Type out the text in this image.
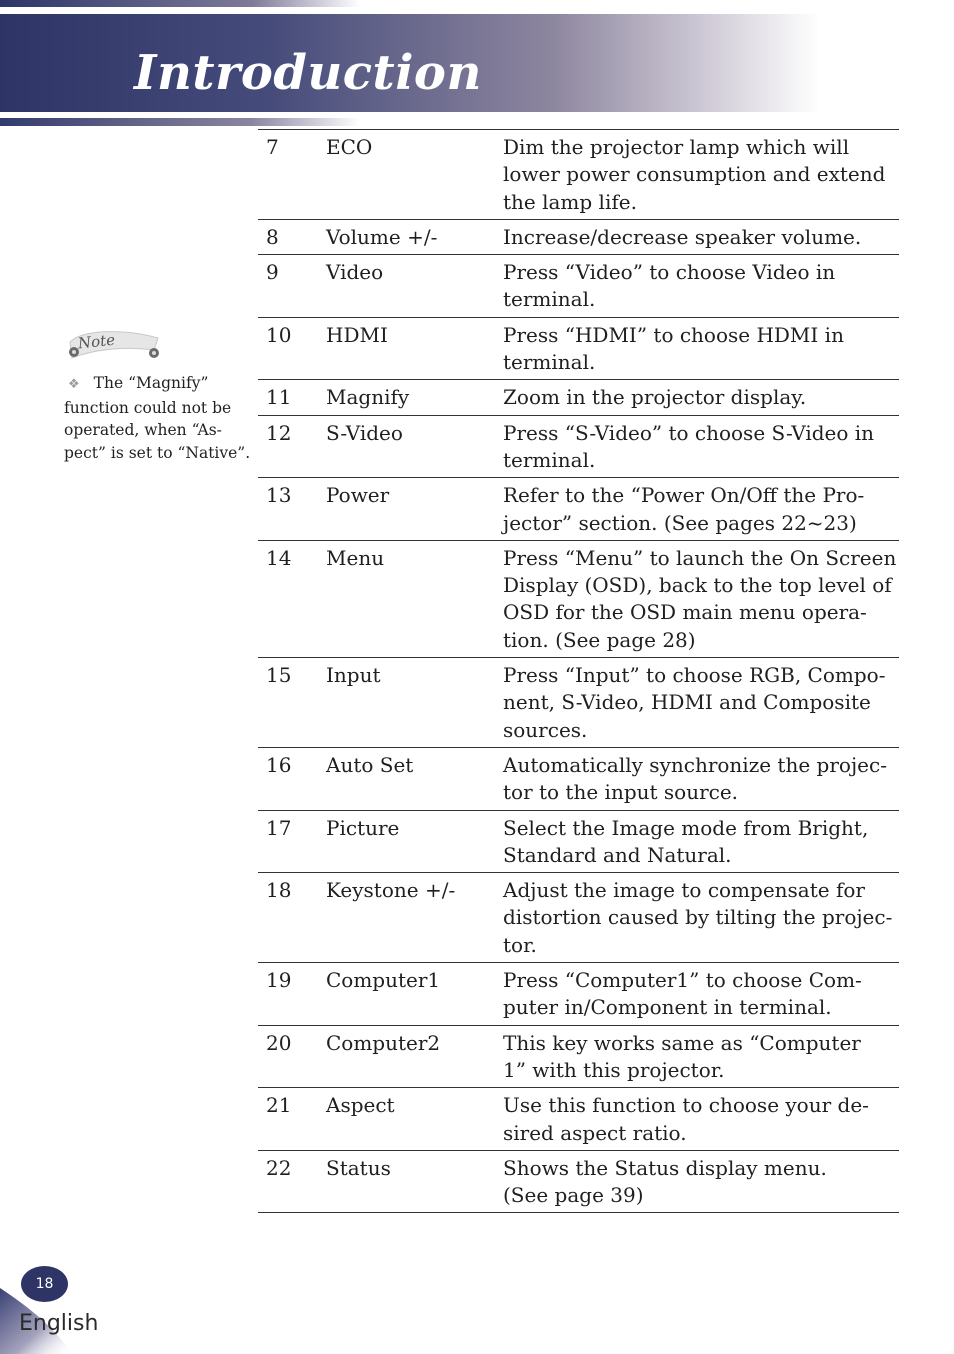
Introduction
Note

❖ The “Magnify”
function could not be
operated, when “As-
pect” is set to “Native”.

7	ECO	Dim the projector lamp which will
lower power consumption and extend
the lamp life.

8	Volume +/-	Increase/decrease speaker volume.

9	Video	Press “Video” to choose Video in
terminal.

10	HDMI	Press “HDMI” to choose HDMI in
terminal.

11	Magnify	Zoom in the projector display.

12	S-Video	Press “S-Video” to choose S-Video in
terminal.

13	Power	Refer to the “Power On/Off the Pro-
jector” section. (See pages 22~23)

14	Menu	Press “Menu” to launch the On Screen
Display (OSD), back to the top level of
OSD for the OSD main menu opera-
tion. (See page 28)

15	Input	Press “Input” to choose RGB, Compo-
nent, S-Video, HDMI and Composite
sources.

16	Auto Set	Automatically synchronize the projec-
tor to the input source.

17	Picture	Select the Image mode from Bright,
Standard and Natural.

18	Keystone +/-	Adjust the image to compensate for
distortion caused by tilting the projec-
tor.

19	Computer1	Press “Computer1” to choose Com-
puter in/Component in terminal.

20	Computer2	This key works same as “Computer
1” with this projector.

21	Aspect	Use this function to choose your de-
sired aspect ratio.

22	Status	Shows the Status display menu.
(See page 39)
18
English
